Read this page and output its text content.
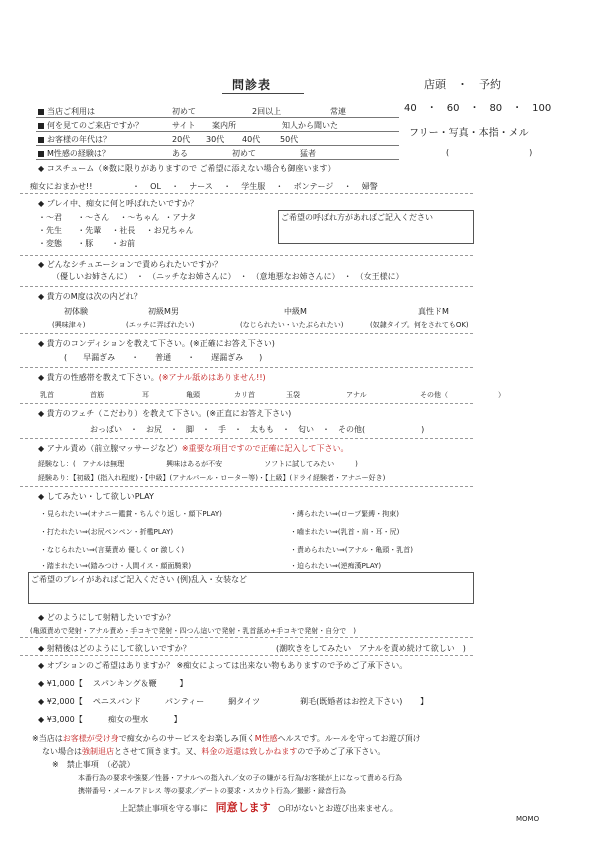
問診表	店頭　・　予約
40　・　60　・　80　・　100
フリー・写真・本指・メル
(　　　　　　　　　　)
当店ご利用は	初めて	2回以上	常連
何を見てのご来店ですか？	サイト 案内所	知人から聞いた
お客様の年代は？	20代 30代 40代 50代
M性感の経験は？	ある	初めて	猛者
◆ コスチューム（※数に限りがありますので ご希望に添えない場合も御座います）
痴女におまかせ!!	・ OL ・ ナース ・ 学生服 ・ ボンテージ ・ 婦警
◆ プレイ中、痴女に何と呼ばれたいですか？
・～君 ・～さん ・～ちゃん ・アナタ
・先生 ・先輩 ・社長 ・お兄ちゃん
・変態 ・豚 ・お前
ご希望の呼ばれ方があればご記入ください
◆ どんなシチュエーションで責められたいですか？
（優しいお姉さんに）　・　（ニッチなお姉さんに）　・　（意地悪なお姉さんに）　・　（女王様に）
◆ 貴方のM度は次の内どれ？
初体験	初級M男	中級M	真性ドM
(興味津々)	(エッチに弄ばれたい)	(なじられたい・いたぶられたい)	(奴隷タイプ。何をされてもOK)
◆ 貴方のコンディションを教えて下さい。(※正確にお答え下さい)
(　　早漏ぎみ　　・　　普通　　・　　遅漏ぎみ　　)
◆ 貴方の性感帯を教えて下さい。(※アナル舐めはありません!!)
乳首	首筋	耳	亀頭	カリ首	玉袋	アナル	その他（	）
◆ 貴方のフェチ（こだわり）を教えて下さい。(※正直にお答え下さい)
おっぱい　・　お尻　・　脚　・　手　・　太もも　・　匂い　・　その他(　　　　　　　)
◆ アナル責め（前立腺マッサージなど）※重要な項目ですので正確に記入して下さい。
経験なし：( アナルは無理　　　　　　興味はあるが不安　　　　　　ソフトに試してみたい　　　)
経験あり：【初級】(指入れ程度)・【中級】(アナルパール・ローター等)・【上級】(ドライ経験者・アナニー好き)
◆ してみたい・して欲しいPLAY
・見られたい⇒(オナニー鑑賞・ちんぐり返し・顔下PLAY)
・打たれたい⇒(お尻ペンペン・折檻PLAY)
・なじられたい⇒(言葉責め 優しく or 激しく)
・踏まれたい⇒(踏みつけ・人間イス・顔面騎乗)
・縛られたい⇒(ロープ緊縛・拘束)
・嚙まれたい⇒(乳首・肩・耳・尻)
・責められたい⇒(アナル・亀頭・乳首)
・迫られたい⇒(逆痴漢PLAY)
ご希望のプレイがあればご記入ください (例)乱入・女装など
◆ どのようにして射精したいですか？
(亀頭責めで発射・アナル責め・手コキで発射・四つん這いで発射・乳首舐め+手コキで発射・自分で　)
◆ 射精後はどのようにして欲しいですか？	(潮吹きをしてみたい　アナルを責め続けて欲しい　)
◆ オプションのご希望はありますか？ ※痴女によっては出来ない物もありますので予めご了承下さい。
◆ ¥1,000【 スパンキング＆鞭	】
◆ ¥2,000【 ペニスバンド　　　パンティー　　　網タイツ　　　　　剃毛(既婚者はお控え下さい) 】
◆ ¥3,000【	痴女の聖水	】
※当店はお客様が受け身で痴女からのサービスをお楽しみ頂くM性感ヘルスです。ルールを守ってお遊び頂け
ない場合は強制退店とさせて頂きます。又、料金の返還は致しかねますので予めご了承下さい。
※　禁止事項　（必読）
本番行為の要求や強要／性器・アナルへの指入れ／女の子の嫌がる行為/お客様が上になって責める行為
携帯番号・メールアドレス 等の要求／デートの要求・スカウト行為／撮影・録音行為
上記禁止事項を守る事に 同意します ○印がないとお遊び出来ません。
MOMO
